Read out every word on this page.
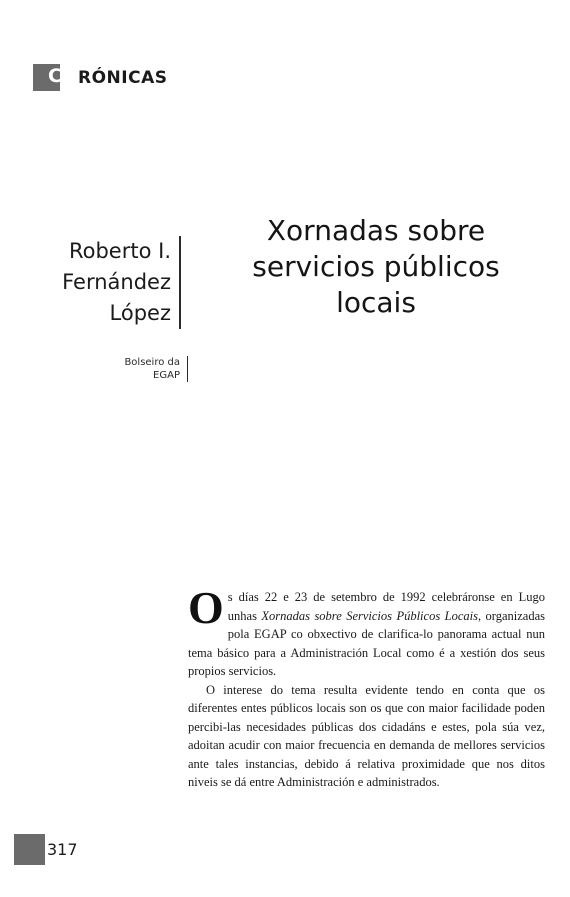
C RÓNICAS
Roberto I.
Fernández
López
Bolseiro da
EGAP
Xornadas sobre
servicios públicos
locais

Os días 22 e 23 de setembro de 1992 celebráronse en Lugo unhas Xornadas sobre Servicios Públicos Locais, organizadas pola EGAP co obxectivo de clarifica-lo panorama actual nun tema básico para a Administración Local como é a xestión dos seus propios servicios.

O interese do tema resulta evidente tendo en conta que os diferentes entes públicos locais son os que con maior facilidade poden percibi-las necesidades públicas dos cidadáns e estes, pola súa vez, adoitan acudir con maior frecuencia en demanda de mellores servicios ante tales instancias, debido á relativa proximidade que nos ditos niveis se dá entre Administración e administrados.

317
